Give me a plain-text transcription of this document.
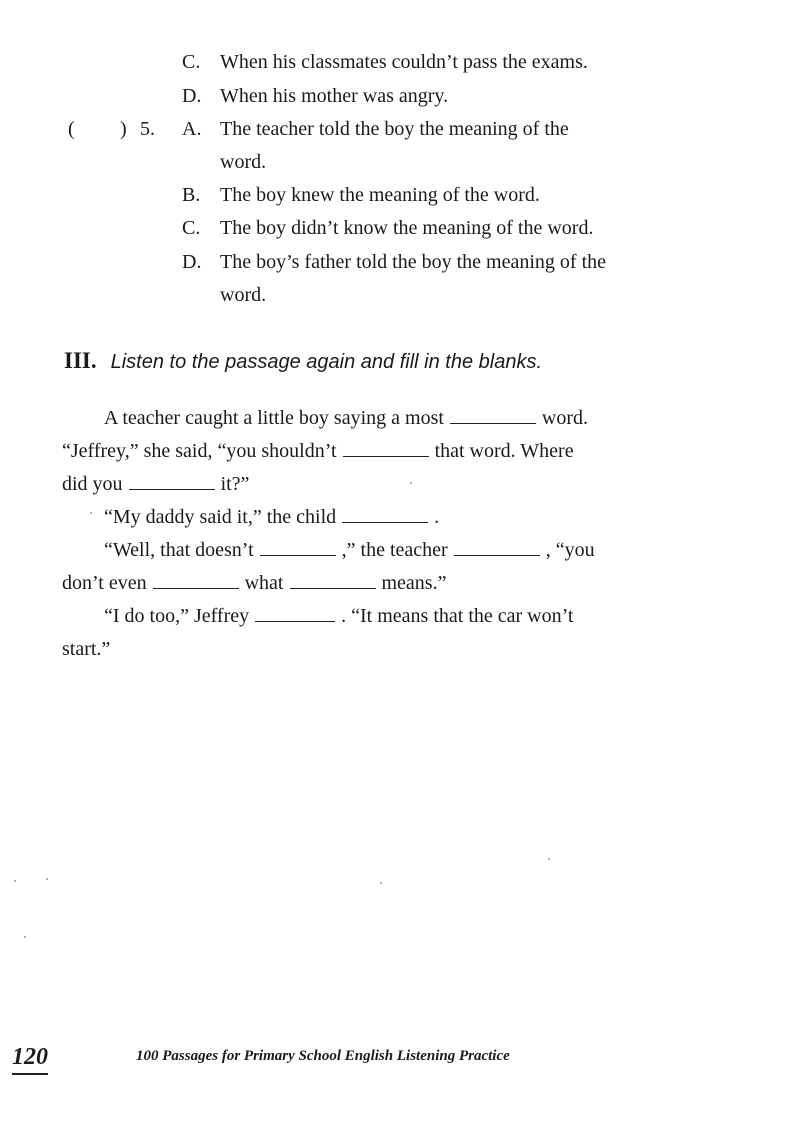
C. When his classmates couldn’t pass the exams.
D. When his mother was angry.
( ) 5. A. The teacher told the boy the meaning of the
word.
B. The boy knew the meaning of the word.
C. The boy didn’t know the meaning of the word.
D. The boy’s father told the boy the meaning of the
word.
III. Listen to the passage again and fill in the blanks.
A teacher caught a little boy saying a most	word.
“Jeffrey,” she said, “you shouldn’t	that word. Where
did you	it?”
“My daddy said it,” the child	.
“Well, that doesn’t	,” the teacher	, “you
don’t even	what	means.”
“I do too,” Jeffrey	. “It means that the car won’t
start.”
120	100 Passages for Primary School English Listening Practice
